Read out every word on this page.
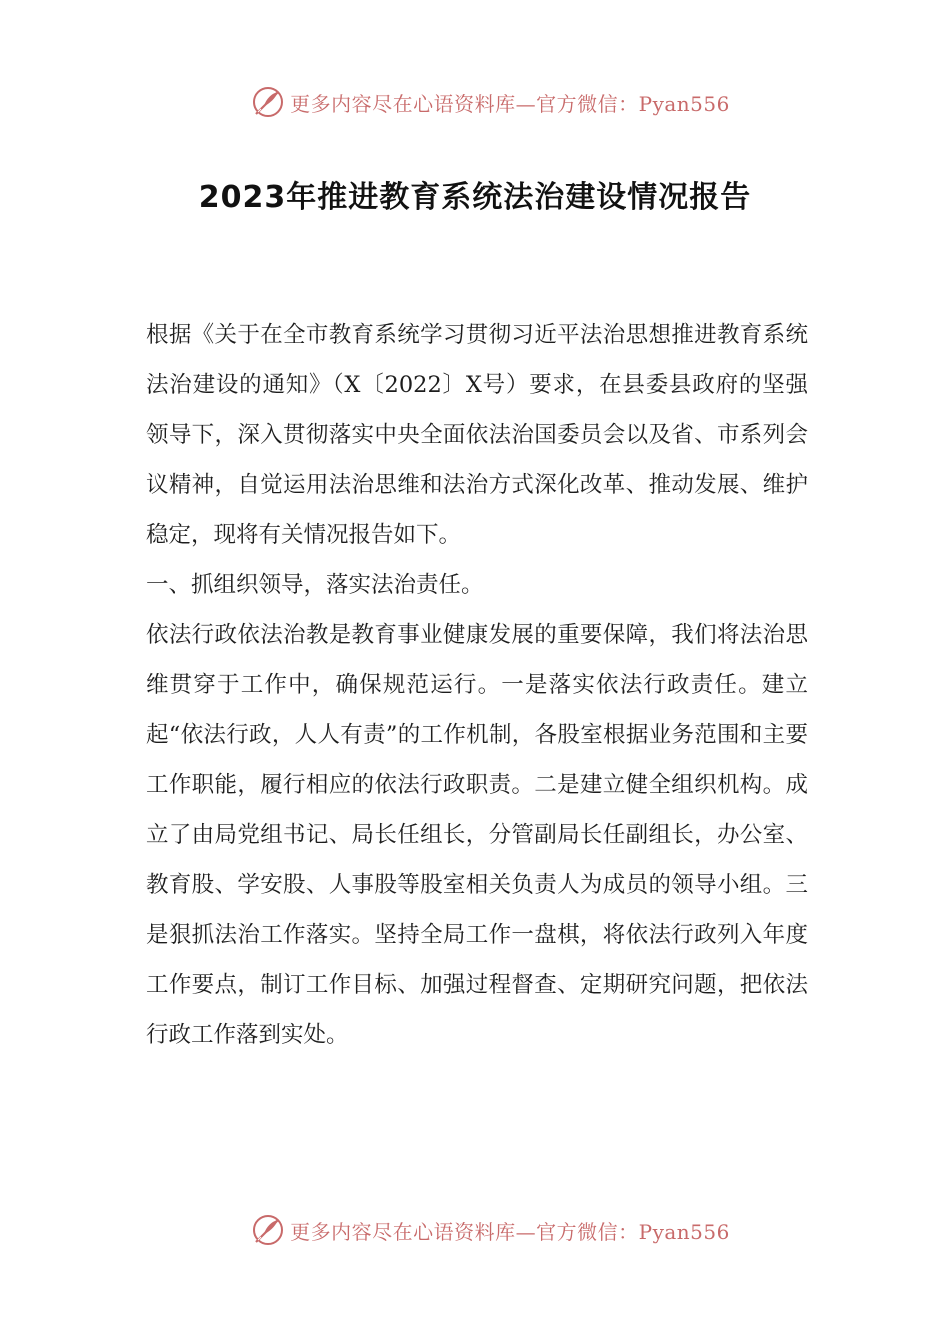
更多内容尽在心语资料库—官方微信：Pyan556
2023年推进教育系统法治建设情况报告

根据《关于在全市教育系统学习贯彻习近平法治思想推进教育系统法治建设的通知》（X〔2022〕X号）要求，在县委县政府的坚强领导下，深入贯彻落实中央全面依法治国委员会以及省、市系列会议精神，自觉运用法治思维和法治方式深化改革、推动发展、维护稳定，现将有关情况报告如下。

一、抓组织领导，落实法治责任。

依法行政依法治教是教育事业健康发展的重要保障，我们将法治思维贯穿于工作中，确保规范运行。一是落实依法行政责任。建立起“依法行政，人人有责”的工作机制，各股室根据业务范围和主要工作职能，履行相应的依法行政职责。二是建立健全组织机构。成立了由局党组书记、局长任组长，分管副局长任副组长，办公室、教育股、学安股、人事股等股室相关负责人为成员的领导小组。三是狠抓法治工作落实。坚持全局工作一盘棋，将依法行政列入年度工作要点，制订工作目标、加强过程督查、定期研究问题，把依法行政工作落到实处。

更多内容尽在心语资料库—官方微信：Pyan556
